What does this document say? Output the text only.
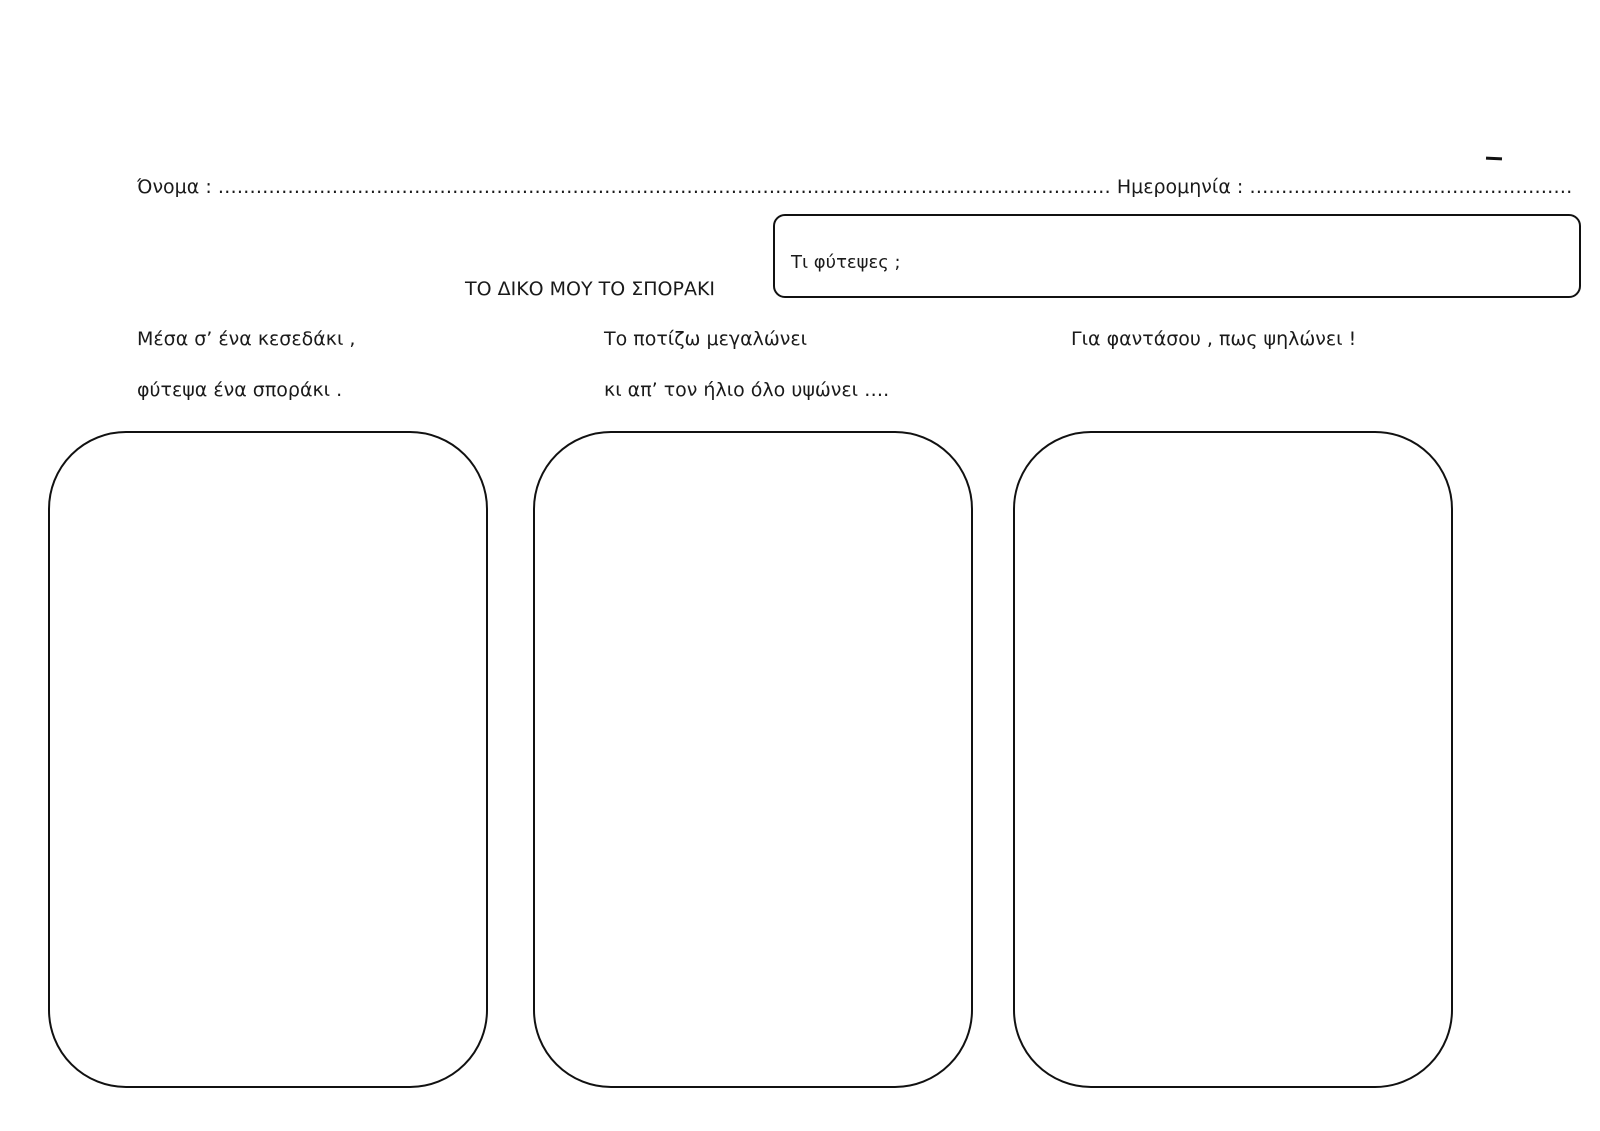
Όνομα : …………………………………………………………………………………………………………………………… Ημερομηνία : ……………………………………………
Τι φύτεψες ;
ΤΟ ΔΙΚΟ ΜΟΥ ΤΟ ΣΠΟΡΑΚΙ
Μέσα σ’ ένα κεσεδάκι ,
φύτεψα ένα σποράκι .
Το ποτίζω μεγαλώνει
κι απ’ τον ήλιο όλο υψώνει ….
Για φαντάσου , πως ψηλώνει !
